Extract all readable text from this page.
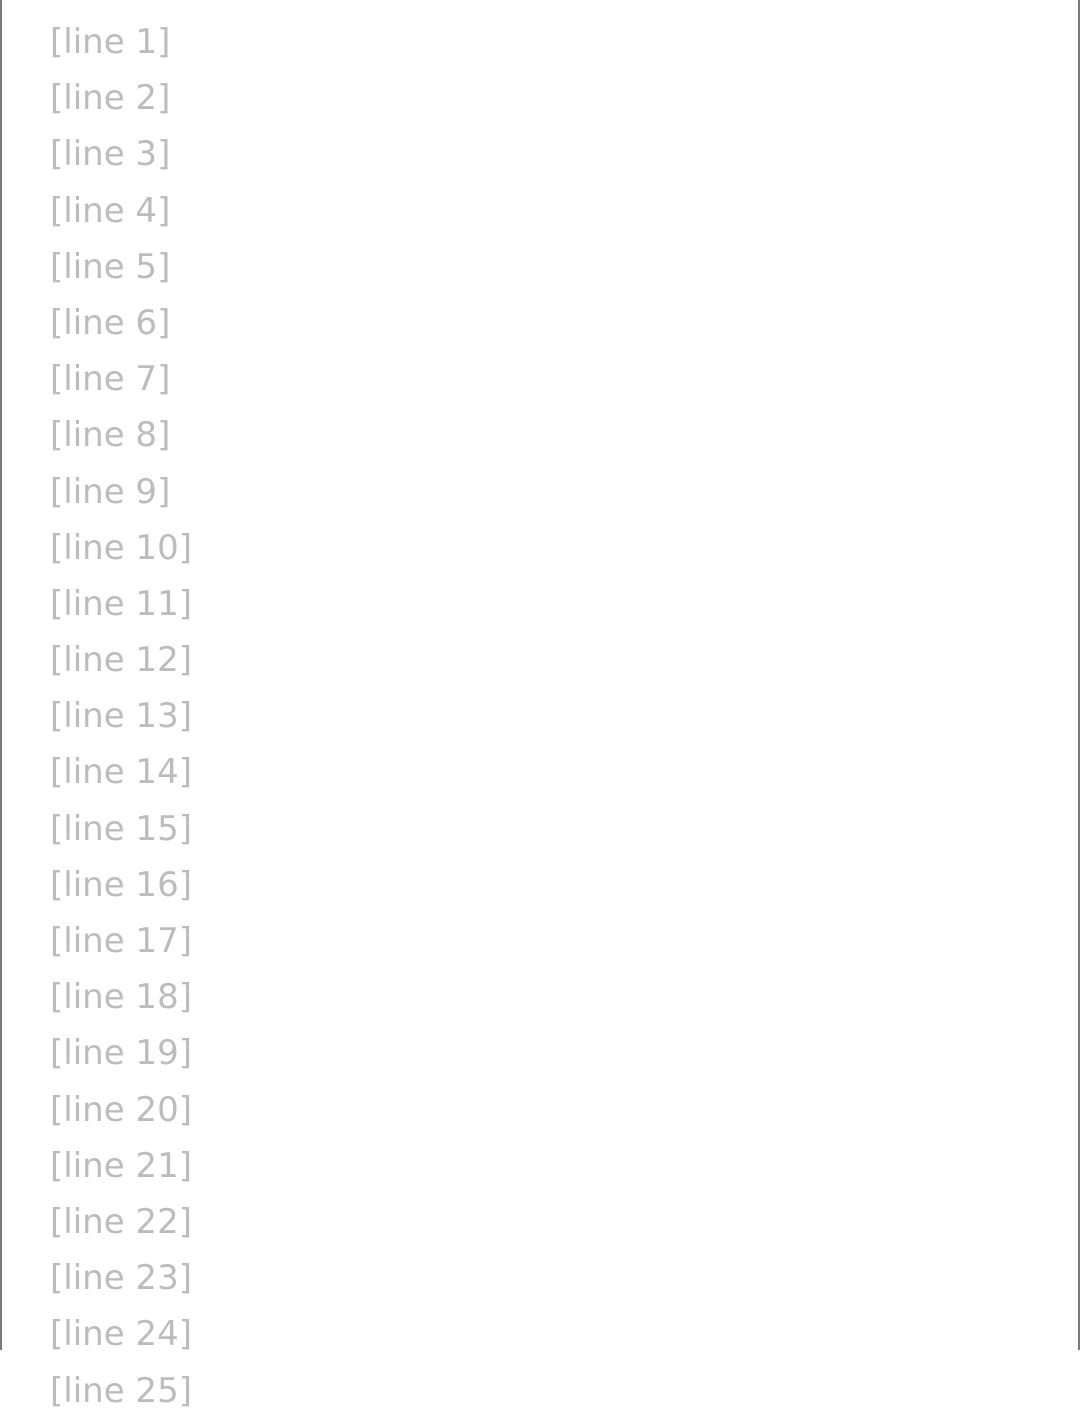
[line 1]
[line 2]
[line 3]
[line 4]
[line 5]
[line 6]
[line 7]
[line 8]
[line 9]
[line 10]
[line 11]
[line 12]
[line 13]
[line 14]
[line 15]
[line 16]
[line 17]
[line 18]
[line 19]
[line 20]
[line 21]
[line 22]
[line 23]
[line 24]
[line 25]
